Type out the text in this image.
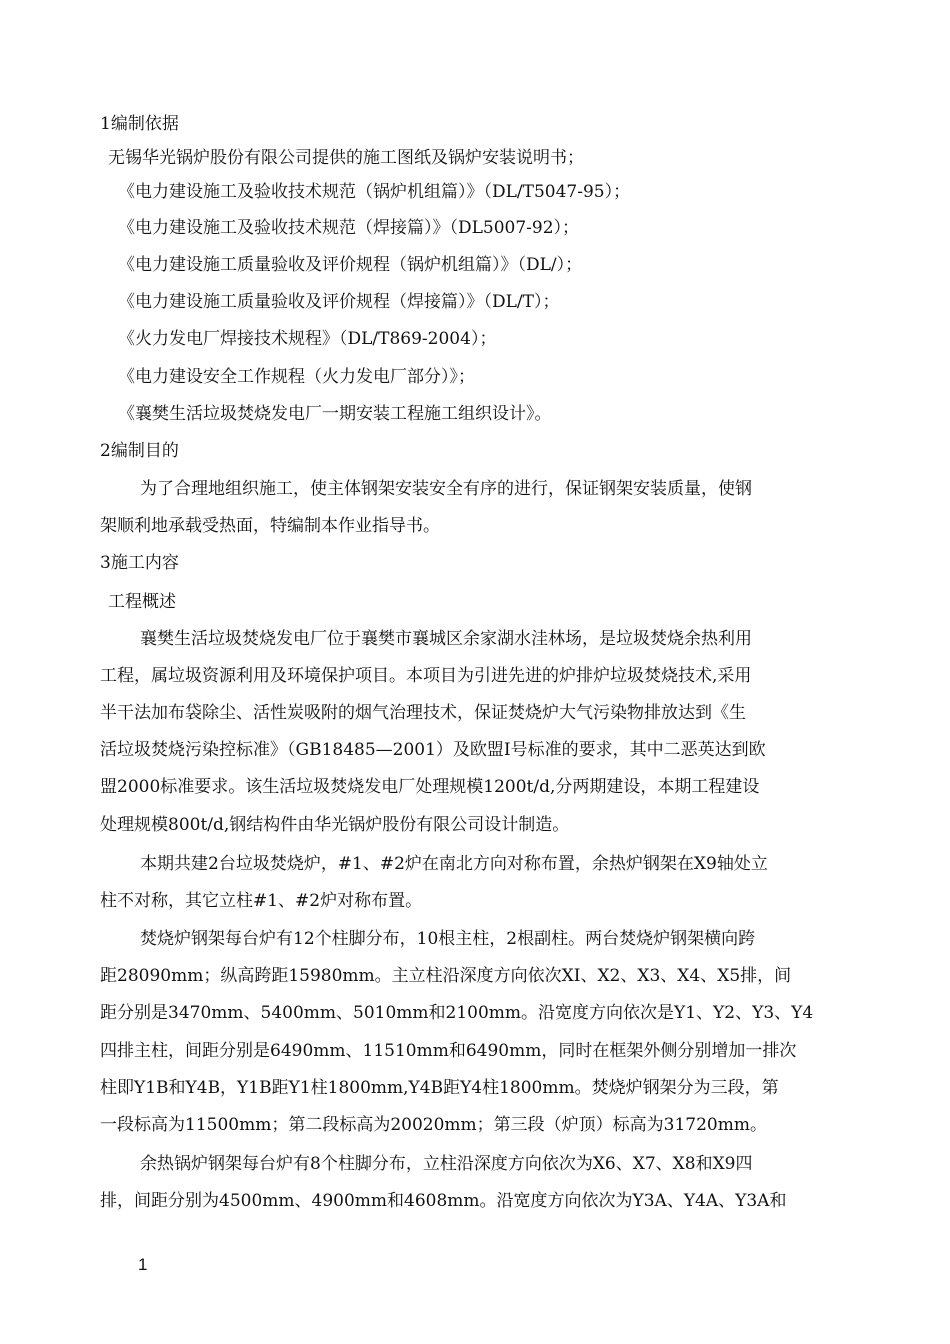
1编制依据
无锡华光锅炉股份有限公司提供的施工图纸及锅炉安装说明书；
《电力建设施工及验收技术规范（锅炉机组篇）》（DL/T5047-95）；
《电力建设施工及验收技术规范（焊接篇）》（DL5007-92）；
《电力建设施工质量验收及评价规程（锅炉机组篇）》（DL/）；
《电力建设施工质量验收及评价规程（焊接篇）》（DL/T）；
《火力发电厂焊接技术规程》（DL/T869-2004）；
《电力建设安全工作规程（火力发电厂部分）》；
《襄樊生活垃圾焚烧发电厂一期安装工程施工组织设计》。
2编制目的
为了合理地组织施工，使主体钢架安装安全有序的进行，保证钢架安装质量，使钢
架顺利地承载受热面，特编制本作业指导书。
3施工内容
工程概述
襄樊生活垃圾焚烧发电厂位于襄樊市襄城区余家湖水洼林场，是垃圾焚烧余热利用
工程，属垃圾资源利用及环境保护项目。本项目为引进先进的炉排炉垃圾焚烧技术,采用
半干法加布袋除尘、活性炭吸附的烟气治理技术，保证焚烧炉大气污染物排放达到《生
活垃圾焚烧污染控标准》（GB18485—2001）及欧盟Ⅰ号标准的要求，其中二恶英达到欧
盟2000标准要求。该生活垃圾焚烧发电厂处理规模1200t/d,分两期建设，本期工程建设
处理规模800t/d,钢结构件由华光锅炉股份有限公司设计制造。
本期共建2台垃圾焚烧炉，#1、#2炉在南北方向对称布置，余热炉钢架在X9轴处立
柱不对称，其它立柱#1、#2炉对称布置。
焚烧炉钢架每台炉有12个柱脚分布，10根主柱，2根副柱。两台焚烧炉钢架横向跨
距28090mm；纵高跨距15980mm。主立柱沿深度方向依次XI、X2、X3、X4、X5排，间
距分别是3470mm、5400mm、5010mm和2100mm。沿宽度方向依次是Y1、Y2、Y3、Y4
四排主柱，间距分别是6490mm、11510mm和6490mm，同时在框架外侧分别增加一排次
柱即Y1B和Y4B，Y1B距Y1柱1800mm,Y4B距Y4柱1800mm。焚烧炉钢架分为三段，第
一段标高为11500mm；第二段标高为20020mm；第三段（炉顶）标高为31720mm。
余热锅炉钢架每台炉有8个柱脚分布，立柱沿深度方向依次为X6、X7、X8和X9四
排，间距分别为4500mm、4900mm和4608mm。沿宽度方向依次为Y3A、Y4A、Y3A和
1
